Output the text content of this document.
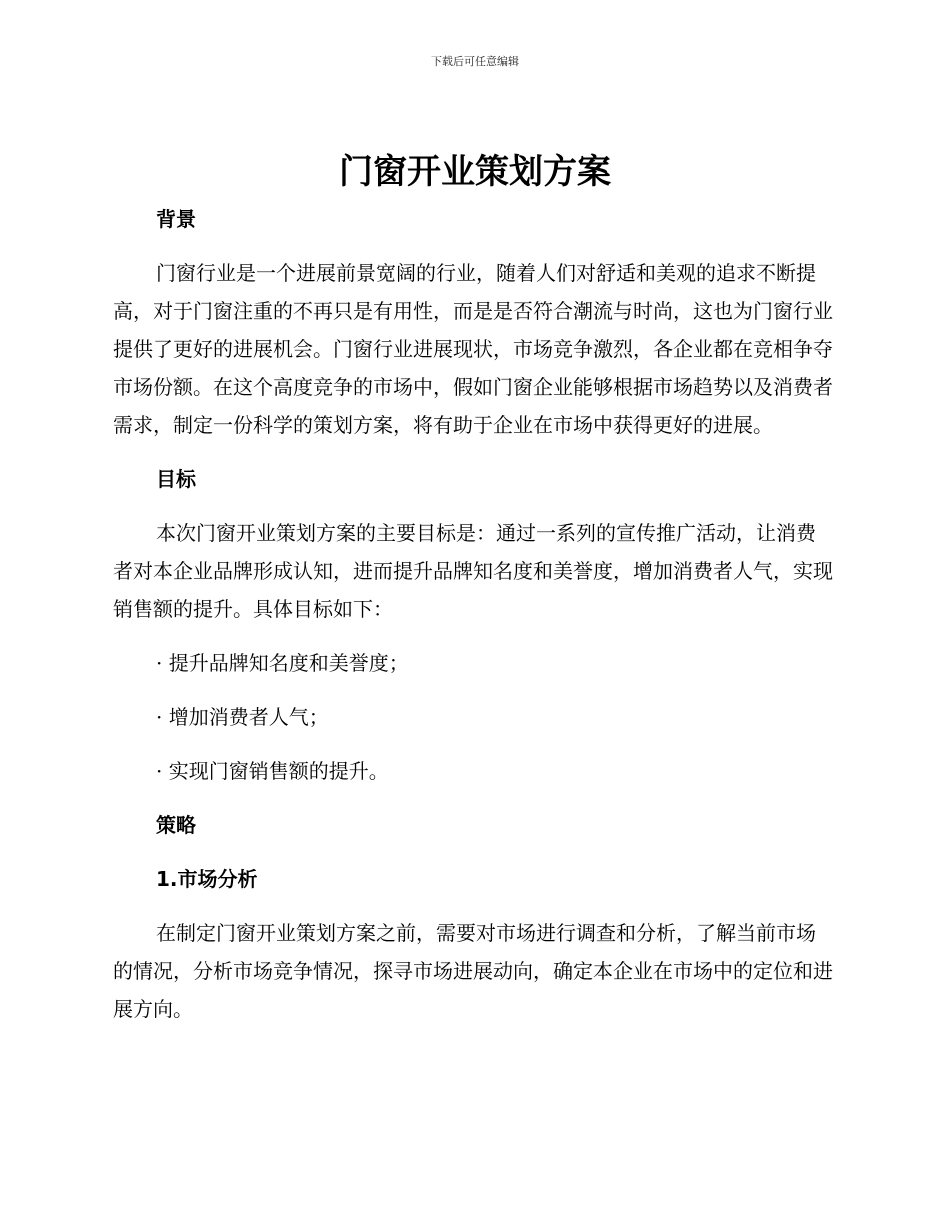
下载后可任意编辑
门窗开业策划方案
背景

门窗行业是一个进展前景宽阔的行业，随着人们对舒适和美观的追求不断提高，对于门窗注重的不再只是有用性，而是是否符合潮流与时尚，这也为门窗行业提供了更好的进展机会。门窗行业进展现状，市场竞争激烈，各企业都在竞相争夺市场份额。在这个高度竞争的市场中，假如门窗企业能够根据市场趋势以及消费者需求，制定一份科学的策划方案，将有助于企业在市场中获得更好的进展。

目标

本次门窗开业策划方案的主要目标是：通过一系列的宣传推广活动，让消费者对本企业品牌形成认知，进而提升品牌知名度和美誉度，增加消费者人气，实现销售额的提升。具体目标如下：

· 提升品牌知名度和美誉度；
· 增加消费者人气；
· 实现门窗销售额的提升。
策略
1.市场分析

在制定门窗开业策划方案之前，需要对市场进行调查和分析，了解当前市场的情况，分析市场竞争情况，探寻市场进展动向，确定本企业在市场中的定位和进展方向。
